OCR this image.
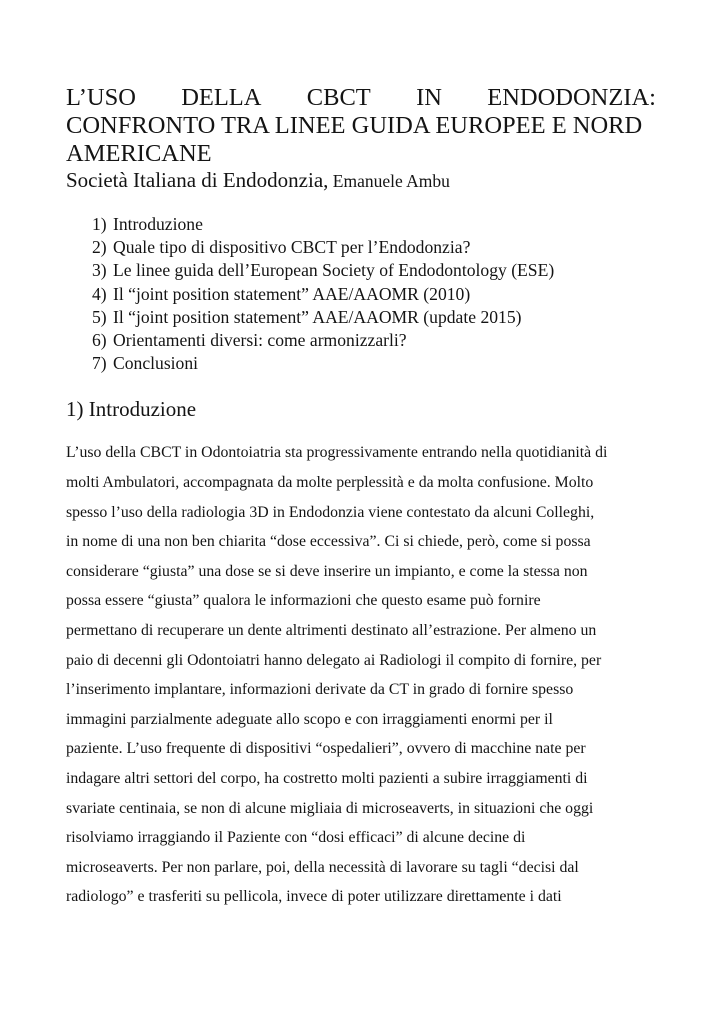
L’USO DELLA CBCT IN ENDODONZIA:
CONFRONTO TRA LINEE GUIDA EUROPEE E NORD
AMERICANE

Società Italiana di Endodonzia, Emanuele Ambu

1) Introduzione
2) Quale tipo di dispositivo CBCT per l’Endodonzia?
3) Le linee guida dell’European Society of Endodontology (ESE)
4) Il “joint position statement” AAE/AAOMR (2010)
5) Il “joint position statement” AAE/AAOMR (update 2015)
6) Orientamenti diversi: come armonizzarli?
7) Conclusioni
1) Introduzione

L’uso della CBCT in Odontoiatria sta progressivamente entrando nella quotidianità di
molti Ambulatori, accompagnata da molte perplessità e da molta confusione. Molto
spesso l’uso della radiologia 3D in Endodonzia viene contestato da alcuni Colleghi,
in nome di una non ben chiarita “dose eccessiva”. Ci si chiede, però, come si possa
considerare “giusta” una dose se si deve inserire un impianto, e come la stessa non
possa essere “giusta” qualora le informazioni che questo esame può fornire
permettano di recuperare un dente altrimenti destinato all’estrazione. Per almeno un
paio di decenni gli Odontoiatri hanno delegato ai Radiologi il compito di fornire, per
l’inserimento implantare, informazioni derivate da CT in grado di fornire spesso
immagini parzialmente adeguate allo scopo e con irraggiamenti enormi per il
paziente. L’uso frequente di dispositivi “ospedalieri”, ovvero di macchine nate per
indagare altri settori del corpo, ha costretto molti pazienti a subire irraggiamenti di
svariate centinaia, se non di alcune migliaia di microseaverts, in situazioni che oggi
risolviamo irraggiando il Paziente con “dosi efficaci” di alcune decine di
microseaverts. Per non parlare, poi, della necessità di lavorare su tagli “decisi dal
radiologo” e trasferiti su pellicola, invece di poter utilizzare direttamente i dati
